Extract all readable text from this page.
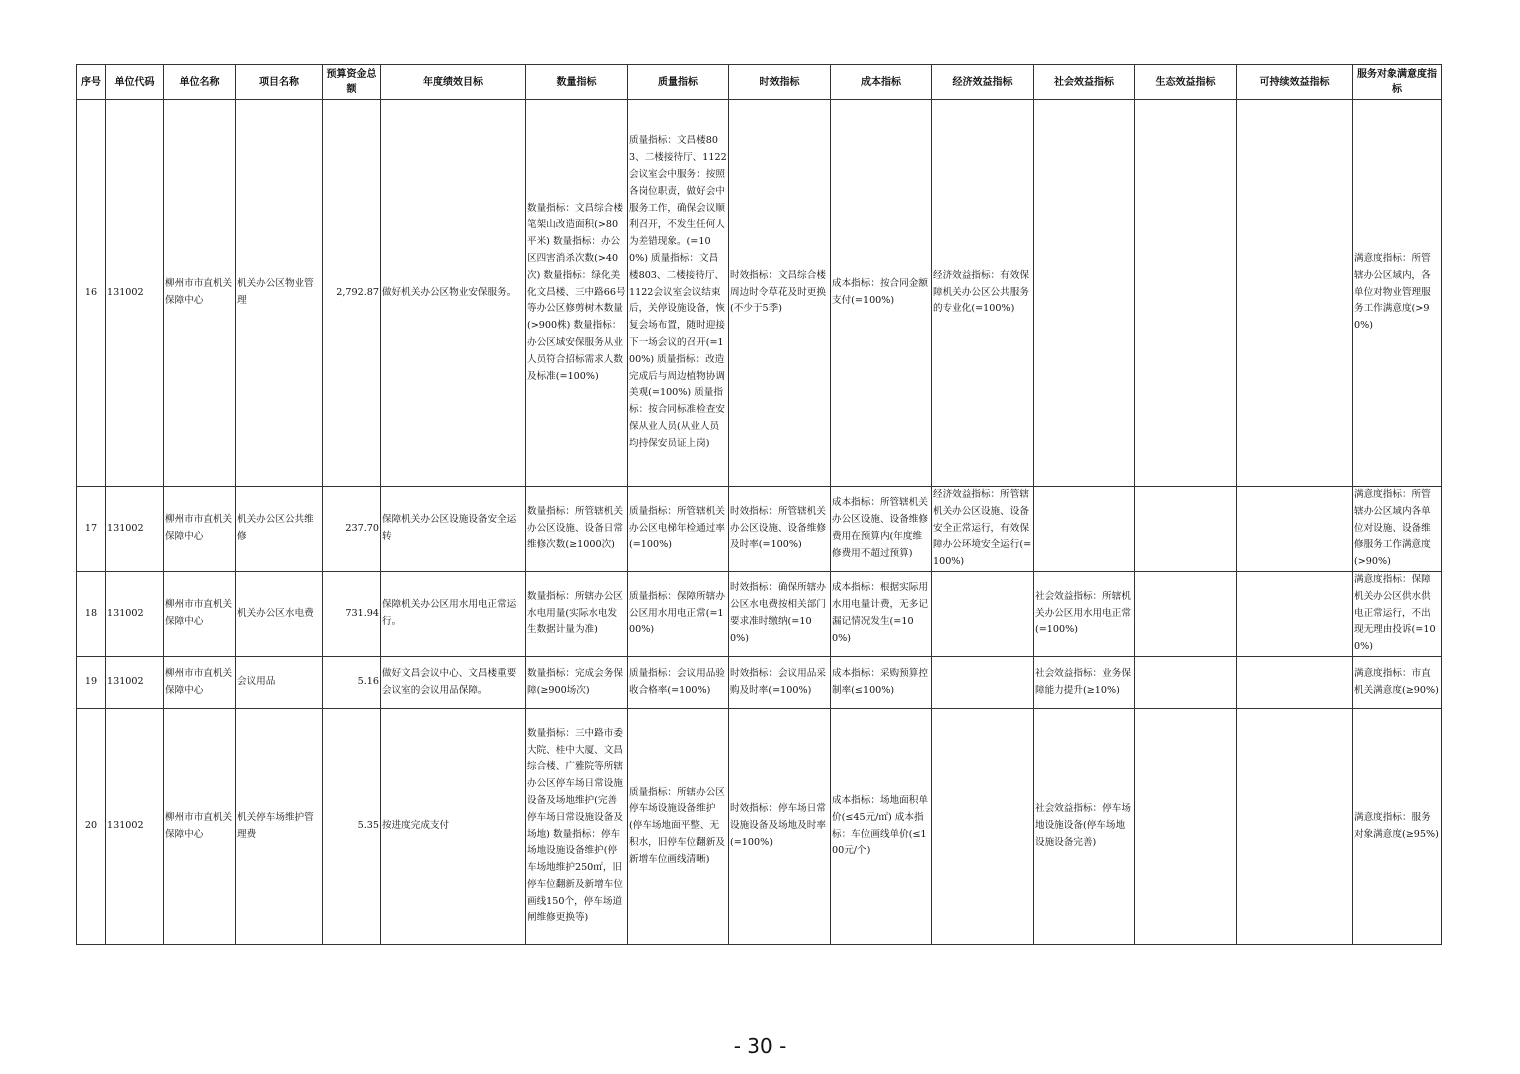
序号	单位代码	单位名称	项目名称	预算资金总额	年度绩效目标	数量指标	质量指标	时效指标	成本指标	经济效益指标	社会效益指标	生态效益指标	可持续效益指标	服务对象满意度指标
16	131002	柳州市市直机关保障中心	机关办公区物业管理	2,792.87	做好机关办公区物业安保服务。	数量指标：文昌综合楼笔架山改造面积(>80平米) 数量指标：办公区四害消杀次数(>40次) 数量指标：绿化美化文昌楼、三中路66号等办公区修剪树木数量(>900株) 数量指标：办公区域安保服务从业人员符合招标需求人数及标准(=100%)	质量指标：文昌楼803、二楼接待厅、1122会议室会中服务：按照各岗位职责，做好会中服务工作，确保会议顺利召开，不发生任何人为差错现象。(=100%) 质量指标：文昌楼803、二楼接待厅、1122会议室会议结束后，关停设施设备，恢复会场布置，随时迎接下一场会议的召开(=100%) 质量指标：改造完成后与周边植物协调美观(=100%) 质量指标：按合同标准检查安保从业人员(从业人员均持保安员证上岗)	时效指标：文昌综合楼周边时令草花及时更换(不少于5季)	成本指标：按合同金额支付(=100%)	经济效益指标：有效保障机关办公区公共服务的专业化(=100%)				满意度指标：所管辖办公区域内，各单位对物业管理服务工作满意度(>90%)
17	131002	柳州市市直机关保障中心	机关办公区公共维修	237.70	保障机关办公区设施设备安全运转	数量指标：所管辖机关办公区设施、设备日常维修次数(≥1000次)	质量指标：所管辖机关办公区电梯年检通过率(=100%)	时效指标：所管辖机关办公区设施、设备维修及时率(=100%)	成本指标：所管辖机关办公区设施、设备维修费用在预算内(年度维修费用不超过预算)	经济效益指标：所管辖机关办公区设施、设备安全正常运行，有效保障办公环境安全运行(=100%)				满意度指标：所管辖办公区域内各单位对设施、设备维修服务工作满意度(>90%)
18	131002	柳州市市直机关保障中心	机关办公区水电费	731.94	保障机关办公区用水用电正常运行。	数量指标：所辖办公区水电用量(实际水电发生数据计量为准)	质量指标：保障所辖办公区用水用电正常(=100%)	时效指标：确保所辖办公区水电费按相关部门要求准时缴纳(=100%)	成本指标：根据实际用水用电量计费，无多记漏记情况发生(=100%)		社会效益指标：所辖机关办公区用水用电正常(=100%)			满意度指标：保障机关办公区供水供电正常运行，不出现无理由投诉(=100%)
19	131002	柳州市市直机关保障中心	会议用品	5.16	做好文昌会议中心、文昌楼重要会议室的会议用品保障。	数量指标：完成会务保障(≥900场次)	质量指标：会议用品验收合格率(=100%)	时效指标：会议用品采购及时率(=100%)	成本指标：采购预算控制率(≤100%)		社会效益指标：业务保障能力提升(≥10%)			满意度指标：市直机关满意度(≥90%)
20	131002	柳州市市直机关保障中心	机关停车场维护管理费	5.35	按进度完成支付	数量指标：三中路市委大院、桂中大厦、文昌综合楼、广雅院等所辖办公区停车场日常设施设备及场地维护(完善停车场日常设施设备及场地) 数量指标：停车场地设施设备维护(停车场地维护250㎡，旧停车位翻新及新增车位画线150个，停车场道闸维修更换等)	质量指标：所辖办公区停车场设施设备维护(停车场地面平整、无积水，旧停车位翻新及新增车位画线清晰)	时效指标：停车场日常设施设备及场地及时率(=100%)	成本指标：场地面积单价(≤45元/㎡) 成本指标：车位画线单价(≤100元/个)		社会效益指标：停车场地设施设备(停车场地设施设备完善)			满意度指标：服务对象满意度(≥95%)
- 30 -
